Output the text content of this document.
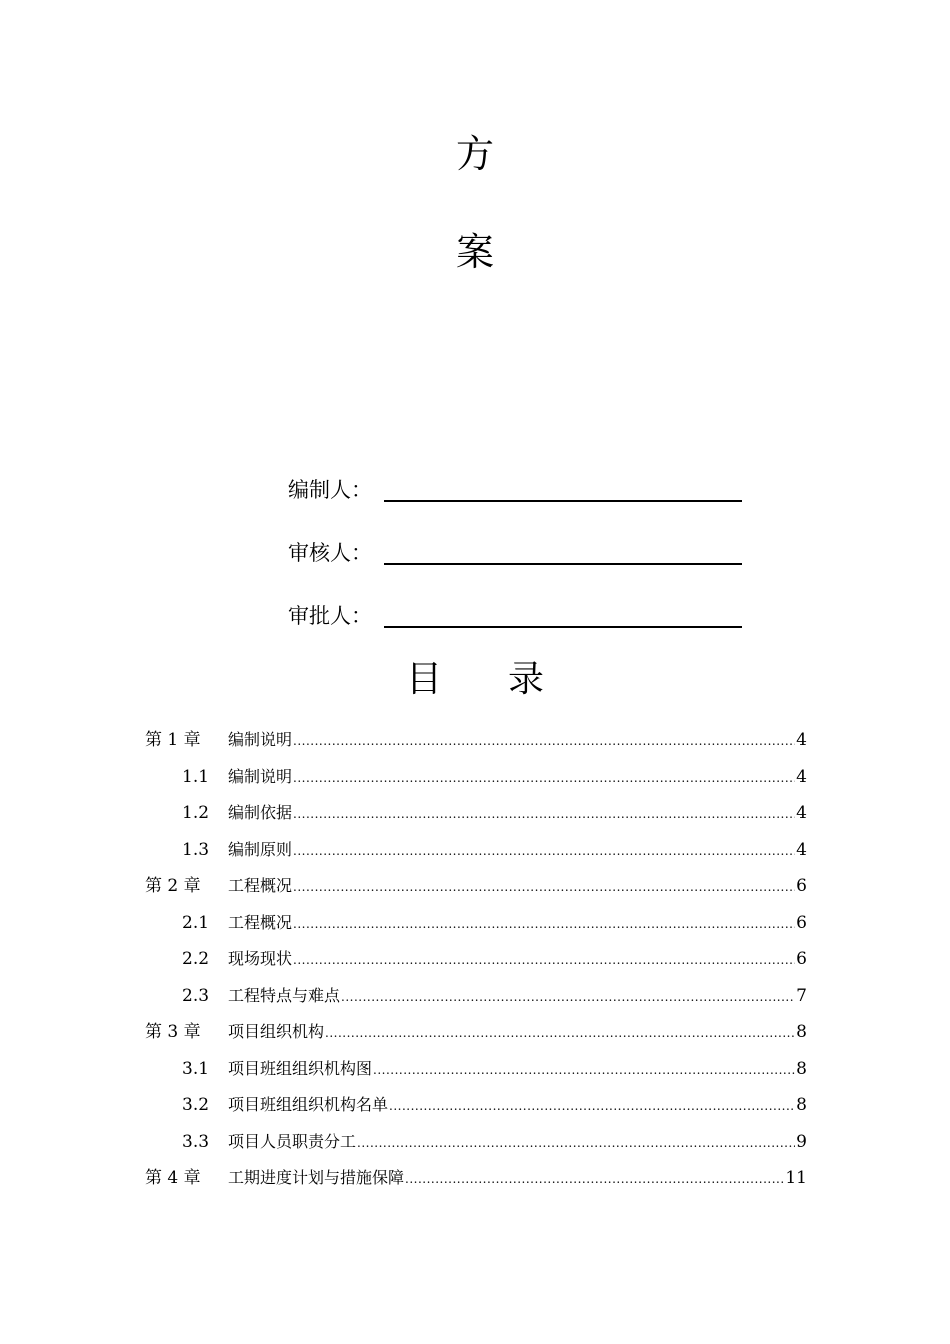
方
案
编制人：
审核人：
审批人：
目 录
第 1 章	编制说明 .....	4
1.1	编制说明 .....	4
1.2	编制依据 .....	4
1.3	编制原则 .....	4
第 2 章	工程概况 .....	6
2.1	工程概况 .....	6
2.2	现场现状 .....	6
2.3	工程特点与难点 .....	7
第 3 章	项目组织机构 .....	8
3.1	项目班组组织机构图 .....	8
3.2	项目班组组织机构名单 .....	8
3.3	项目人员职责分工 .....	9
第 4 章	工期进度计划与措施保障 .....	11
